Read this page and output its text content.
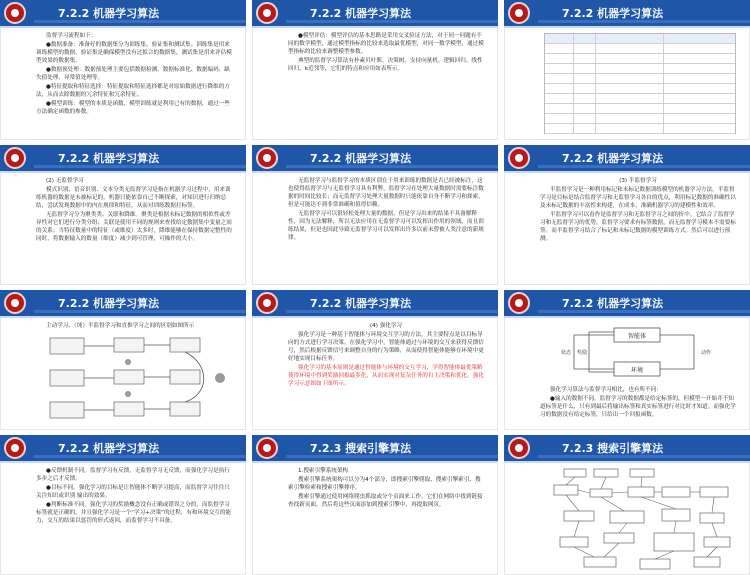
7.2.2 机器学习算法

监督学习流程如下：

●数据准备：准备好的数据集分为训练集、验证集和测试集。训练集是用来训练模型的数据，验证集是确保模型没有过拟合的数据集，测试集是用来评估模型效果的数据集。

●数据预处理：数据预处理主要包括数据检测、数据标准化、数据编码、缺失值处理、异常值处理等。

●特征提取和特征选择：特征提取和特征选择都是对原始数据进行降维的方法，从而去除数据的冗余特征和冗余特征。

●模型训练：模型的本质是函数，模型训练就是利用已有的数据，通过一些方法确定函数的参数。

7.2.2 机器学习算法

●模型评估：模型评估的基本思路是采用交叉验证方法，对于同一问题有不同的数学模型，通过模型指标的比较来选取最优模型，对同一数学模型，通过模型指标的比较来调整模型参数。

典型的监督学习算法有朴素贝叶斯、决策树、支持向量机、逻辑回归、线性回归、k近邻等，它们的特点和应用如表所示。

7.2.2 机器学习算法
7.2.2 机器学习算法

(2) 无监督学习

模式识别、语音识别、文本分类无监督学习是指在机器学习过程中，用来训练机器的数据是未被标记的，机器只能依靠自己不断探索，对知识进行归纳总结，尝试发现数据中的内在规律和特征，从而对训练数据打标签。

无监督学习分为聚类类、关联和降维。聚类是根据未标记数据的相似性或差异性对它们进行分类分组；关联是使用不同的规则来查找给定数据集中变量之间的关系；当特征数量中的特征（或维度）太多时，降维能够在保持数据完整性的同时，将数据输入的数量（维度）减少到可管理，可操作的大小。

7.2.2 机器学习算法

无监督学习与监督学习的本质区别在于用来训练的数据是否已经被标注，这也使得监督学习与无监督学习具有利弊。监督学习在处理大量数据时需要标注数据的时间比较长；而无监督学习处理大量数据时只能依靠自身不断学习和探索，但是可能达不到非常准确和值得信赖。

无监督学习可以很轻松处理大量的数据，但是学习出来的结果不具备解释性，因为无法解释，所以无法应用在无监督学习可以发挥出作用的领域，而且训练结果，但是也因此导致无监督学习可以发挥出许多以前未曾被人类注意的新规律。

7.2.2 机器学习算法

(3) 半监督学习

半监督学习是一种利用标记和未标记数据训练模型的机器学习方法。半监督学习是目标是结合监督学习和无监督学习各自的优点，利用标记数据的准确性以及未标记数据的丰富性来构建，在成本、准确机器学习的建模性和效率。

半监督学习可以看作是监督学习和无监督学习之间的折中。它结合了监督学习和无监督学习的优势，监督学习要求有标签数据，而无监督学习模本不需要标签。而半监督学习结合了标记和未标记数据的模型训练方式。然后可以进行预测。

7.2.2 机器学习算法

主动学习、（纯）半监督学习和直推学习之间的区别如图所示

7.2.2 机器学习算法

(4) 强化学习

强化学习是一种基于智能体与环境交互学习的方法，其主要特点是以目标导向的方式进行学习决策。在强化学习中，智能体通过与环境的交互来获得反馈信号，然后根据反馈信号来调整自身的行为策略，从而使得智能体能够在环境中更好地实现目标任务。

强化学习的基本原则是通过智能体与环境的交互学习，学得智能体最优策略使得环境中得到奖励回报最多化，从而实现对复杂任务的自主决策和优化。强化学习示意图如下图所示。

7.2.2 机器学习算法
智能体
环境
状态 奖励	动作

强化学习算法与监督学习相比，也有所不同：

●输入的数据不同。监督学习的数据都是给定标签的，但模型一开始并不知道标签是什么，只有到最后将输出标签和真实标签进行对比时才知道。而强化学习的数据没有给定标签，只给出一个回报函数。

7.2.2 机器学习算法

●反馈机制不同。监督学习有反馈，无监督学习无反馈，而强化学习是执行多步之后才反馈。

●目标不同。强化学习的目标是让智能体不断学习提高，而监督学习往往只关注知识或识别 输出的效果。

●判断标准不同。强化学习的奖励概念没有正确或错误之分的，而监督学习标签就是正确的，并且强化学习是一个“学习+决策”的过程，有和环境交互的能力，交互的结果以惩罚的形式返回，而监督学习不具备。

7.2.3 搜索引擎算法

1.搜索引擎系统架构

搜索引擎系统架构可以分为4个部分，即搜索引擎爬取、搜索引擎索引、搜索引擎检索和搜索引擎排序。

搜索引擎通过使用网络爬虫抓取或分个页面来工作。它们在网络中找到链接查找新页面，然后将这些页面添加到搜索引擎中，再提取网页。

7.2.3 搜索引擎算法
